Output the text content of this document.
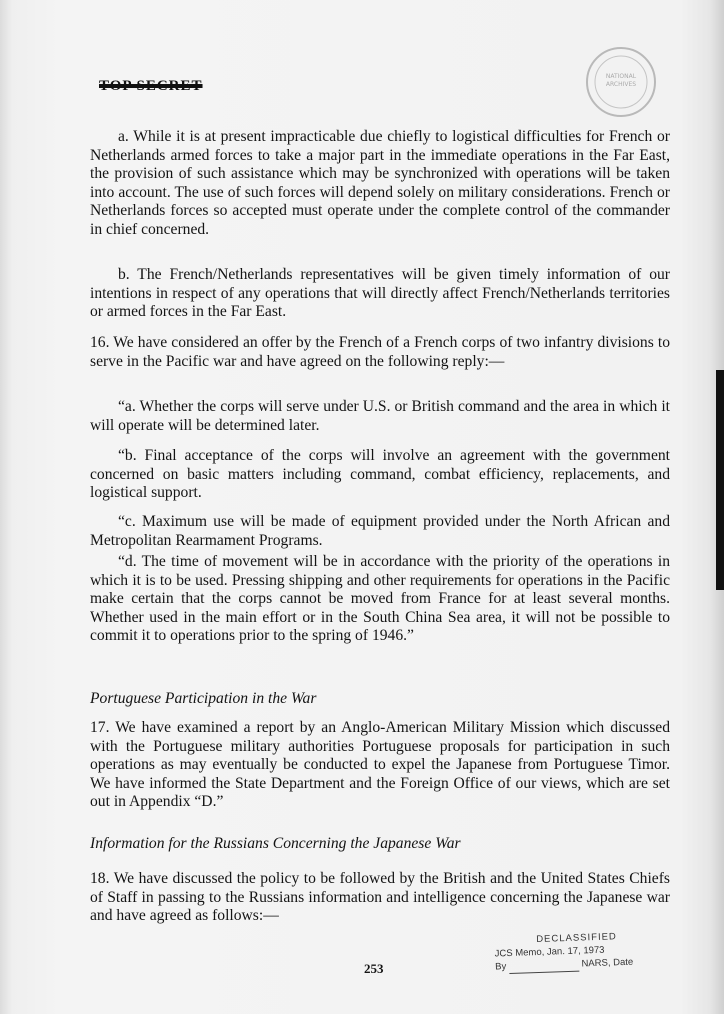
TOP SECRET
NATIONAL
ARCHIVES
a. While it is at present impracticable due chiefly to logistical difficulties for French or Netherlands armed forces to take a major part in the immediate operations in the Far East, the provision of such assistance which may be synchronized with operations will be taken into account. The use of such forces will depend solely on military considerations. French or Netherlands forces so accepted must operate under the complete control of the commander in chief concerned.
b. The French/Netherlands representatives will be given timely information of our intentions in respect of any operations that will directly affect French/Netherlands territories or armed forces in the Far East.
16. We have considered an offer by the French of a French corps of two infantry divisions to serve in the Pacific war and have agreed on the following reply:—
“a. Whether the corps will serve under U.S. or British command and the area in which it will operate will be determined later.
“b. Final acceptance of the corps will involve an agreement with the government concerned on basic matters including command, combat efficiency, replacements, and logistical support.
“c. Maximum use will be made of equipment provided under the North African and Metropolitan Rearmament Programs.
“d. The time of movement will be in accordance with the priority of the operations in which it is to be used. Pressing shipping and other requirements for operations in the Pacific make certain that the corps cannot be moved from France for at least several months. Whether used in the main effort or in the South China Sea area, it will not be possible to commit it to operations prior to the spring of 1946.”
Portuguese Participation in the War
17. We have examined a report by an Anglo-American Military Mission which discussed with the Portuguese military authorities Portuguese proposals for participation in such operations as may eventually be conducted to expel the Japanese from Portuguese Timor. We have informed the State Department and the Foreign Office of our views, which are set out in Appendix “D.”
Information for the Russians Concerning the Japanese War
18. We have discussed the policy to be followed by the British and the United States Chiefs of Staff in passing to the Russians information and intelligence concerning the Japanese war and have agreed as follows:—
DECLASSIFIED
JCS Memo, Jan. 17, 1973
By	NARS, Date
253
